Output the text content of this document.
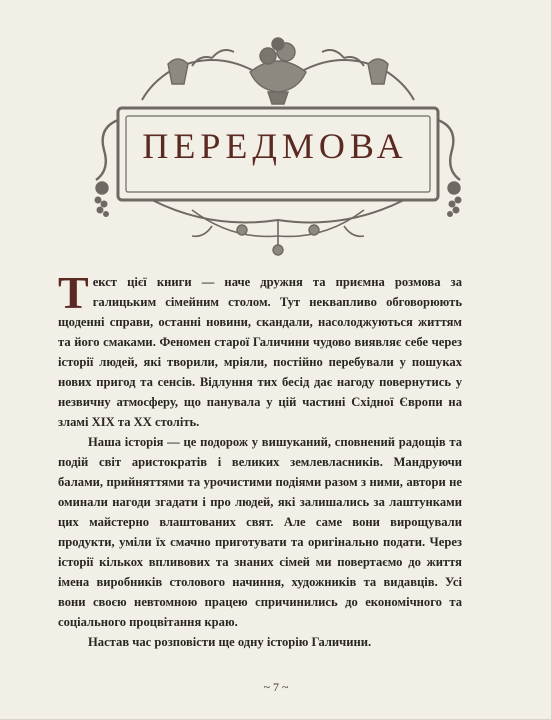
ПЕРЕДМОВА

Текст цієї книги — наче дружня та приємна розмова за галицьким сімейним столом. Тут неквапливо обговорюють щоденні справи, останні новини, скандали, насолоджуються життям та його смаками. Феномен старої Галичини чудово виявляє себе через історії людей, які творили, мріяли, постійно перебували у пошуках нових пригод та сенсів. Відлуння тих бесід дає нагоду повернутись у незвичну атмосферу, що панувала у цій частині Східної Європи на зламі XIX та XX століть.

Наша історія — це подорож у вишуканий, сповнений радощів та подій світ аристократів і великих землевласників. Мандруючи балами, прийняттями та урочистими подіями разом з ними, автори не оминали нагоди згадати і про людей, які залишались за лаштунками цих майстерно влаштованих свят. Але саме вони вирощували продукти, уміли їх смачно приготувати та оригінально подати. Через історії кількох впливових та знаних сімей ми повертаємо до життя імена виробників столового начиння, художників та видавців. Усі вони своєю невтомною працею спричинились до економічного та соціального процвітання краю.

Настав час розповісти ще одну історію Галичини.

~ 7 ~
